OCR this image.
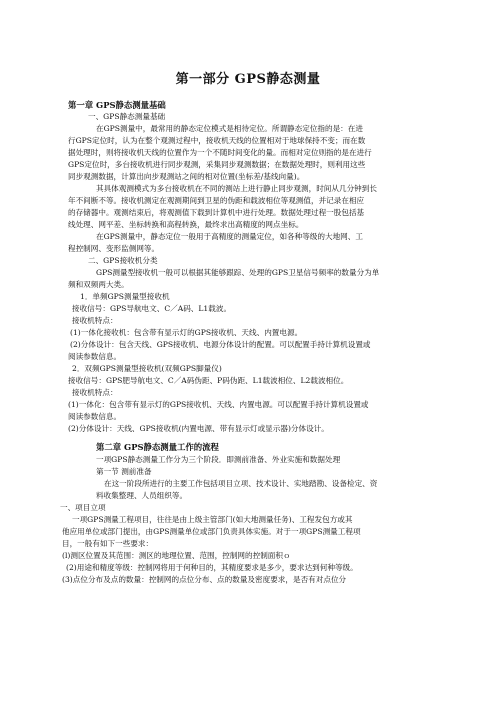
第一部分 GPS静态测量
第一章 GPS静态测量基础
一、GPS静态测量基础
在GPS测量中，最常用的静态定位模式是相待定位。所谓静态定位指的是：在进
行GPS定位时，认为在整个观测过程中，接收机天线的位置相对于地球保持不变；而在数
据处理时，则将接收机天线的位置作为一个不随时间变化的量。而相对定位则指的是在进行
GPS定位时，多台接收机进行同步观测，采集同步观测数据；在数据处理时，则利用这些
同步观测数据，计算出向步观测站之间的相对位置(坐标差/基线向量)。
其具体观测模式为多台接收机在不同的测站上进行静止同步观测，时间从几分钟到长
年不间断不等。接收机测定在观测期间到卫星的伪距和载波相位等观测值，并记录在相应
的存储器中。观测结束后，将观测值下载到计算机中进行处理。数据处理过程一股包括基
线处理、网平差、坐标转换和高程转换，最终求出高精度的网点坐标。
在GPS测量中，静态定位一般用于高精度的测量定位，如各种等级的大地网、工
程控制网、变形监侧网等。
二、GPS接收机分类
GPS测量型接收机一般可以根据其能够跟踪、处理的GPS卫星信号频率的数量分为单
频和双频两大类。
1．单频GPS测量型接收机
接收信号：GPS导航电文、C／A码、L1载波。
接收机特点：
(1)一体化接收机：包含带有显示灯的GPS接收机、天线、内置电源。
(2)分体设计：包含天线、GPS接收机、电源分体设计的配置。可以配置手持计算机设置或
阅读参数信息。
2．双频GPS测量型接收机(双频GPS脚量仪)
接收信号：GPS肥导航电文、C／A码伪距、P码伪距、L1载波相位、L2载波相位。
接收机特点：
(1)一体化：包含带有显示灯的GPS接收机、天线、内置电源。可以配置手持计算机设置或
阅读参数信息。
(2)分体设计：天线、GPS接收机(内置电源、带有显示灯或显示器)分体设计。
第二章 GPS静态测量工作的流程
一项GPS静态测量工作分为三个阶段．即测前准备、外业实施和数据处理
第一节 测前准备
在这一阶段所进行的主要工作包括项目立项、技术设计、实地踏勘、设备检定、资
料收集整理、人员组织等。
一、项目立项
一项GPS测量工程项目，往往是由上级主管部门(如大地测量任务)、工程发包方或其
他应用单位或部门提出，由GPS测量单位或部门负责具体实施。对于一项GPS测量工程项
目，一般有如下一些要求：
(l)测区位置及其范围：测区的地理位置、范围，控制网的控制面积ｏ
(2)用途和精度等级：控制网将用于何种目的，其精度要求是多少，要求达到何种等级。
(3)点位分布及点的数量：控制网的点位分布、点的数量及密度要求，是否有对点位分
